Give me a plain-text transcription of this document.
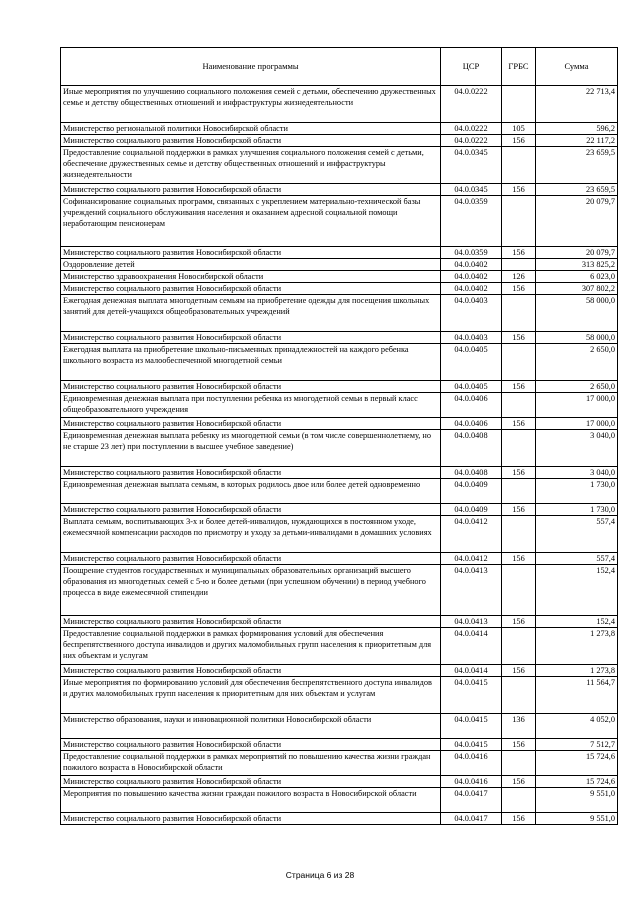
Наименование программы	ЦСР	ГРБС	Сумма
Иные мероприятия по улучшению социального положения семей с детьми, обеспечению дружественных семье и детству общественных отношений и инфраструктуры жизнедеятельности	04.0.0222		22 713,4
Министерство региональной политики Новосибирской области	04.0.0222	105	596,2
Министерство социального развития Новосибирской области	04.0.0222	156	22 117,2
Предоставление социальной поддержки в рамках улучшения социального положения семей с детьми, обеспечение дружественных семье и детству общественных отношений и инфраструктуры жизнедеятельности	04.0.0345		23 659,5
Министерство социального развития Новосибирской области	04.0.0345	156	23 659,5
Софинансирование социальных программ, связанных с укреплением материально-технической базы учреждений социального обслуживания населения и оказанием адресной социальной помощи неработающим пенсионерам	04.0.0359		20 079,7
Министерство социального развития Новосибирской области	04.0.0359	156	20 079,7
Оздоровление детей	04.0.0402		313 825,2
Министерство здравоохранения Новосибирской области	04.0.0402	126	6 023,0
Министерство социального развития Новосибирской области	04.0.0402	156	307 802,2
Ежегодная денежная выплата многодетным семьям на приобретение одежды для посещения школьных занятий для детей-учащихся общеобразовательных учреждений	04.0.0403		58 000,0
Министерство социального развития Новосибирской области	04.0.0403	156	58 000,0
Ежегодная выплата на приобретение школьно-письменных принадлежностей на каждого ребенка школьного возраста из малообеспеченной многодетной семьи	04.0.0405		2 650,0
Министерство социального развития Новосибирской области	04.0.0405	156	2 650,0
Единовременная денежная выплата при поступлении ребенка из многодетной семьи в первый класс общеобразовательного учреждения	04.0.0406		17 000,0
Министерство социального развития Новосибирской области	04.0.0406	156	17 000,0
Единовременная денежная выплата ребенку из многодетной семьи (в том числе совершеннолетнему, но не старше 23 лет) при поступлении в высшее учебное заведение)	04.0.0408		3 040,0
Министерство социального развития Новосибирской области	04.0.0408	156	3 040,0
Единовременная денежная выплата семьям, в которых родилось двое или более детей одновременно	04.0.0409		1 730,0
Министерство социального развития Новосибирской области	04.0.0409	156	1 730,0
Выплата семьям, воспитывающих 3-х и более детей-инвалидов, нуждающихся в постоянном уходе, ежемесячной компенсации расходов по присмотру и уходу за детьми-инвалидами в домашних условиях	04.0.0412		557,4
Министерство социального развития Новосибирской области	04.0.0412	156	557,4
Поощрение студентов государственных и муниципальных образовательных организаций высшего образования из многодетных семей с 5-ю и более детьми (при успешном обучении) в период учебного процесса в виде ежемесячной стипендии	04.0.0413		152,4
Министерство социального развития Новосибирской области	04.0.0413	156	152,4
Предоставление социальной поддержки в рамках формирования условий для обеспечения беспрепятственного доступа инвалидов и других маломобильных групп населения к приоритетным для них объектам и услугам	04.0.0414		1 273,8
Министерство социального развития Новосибирской области	04.0.0414	156	1 273,8
Иные мероприятия по формированию условий для обеспечения беспрепятственного доступа инвалидов и других маломобильных групп населения к приоритетным для них объектам и услугам	04.0.0415		11 564,7
Министерство образования, науки и инновационной политики Новосибирской области	04.0.0415	136	4 052,0
Министерство социального развития Новосибирской области	04.0.0415	156	7 512,7
Предоставление социальной поддержки в рамках мероприятий по повышению качества жизни граждан пожилого возраста в Новосибирской области	04.0.0416		15 724,6
Министерство социального развития Новосибирской области	04.0.0416	156	15 724,6
Мероприятия по повышению качества жизни граждан пожилого возраста в Новосибирской области	04.0.0417		9 551,0
Министерство социального развития Новосибирской области	04.0.0417	156	9 551,0
Страница 6 из 28
